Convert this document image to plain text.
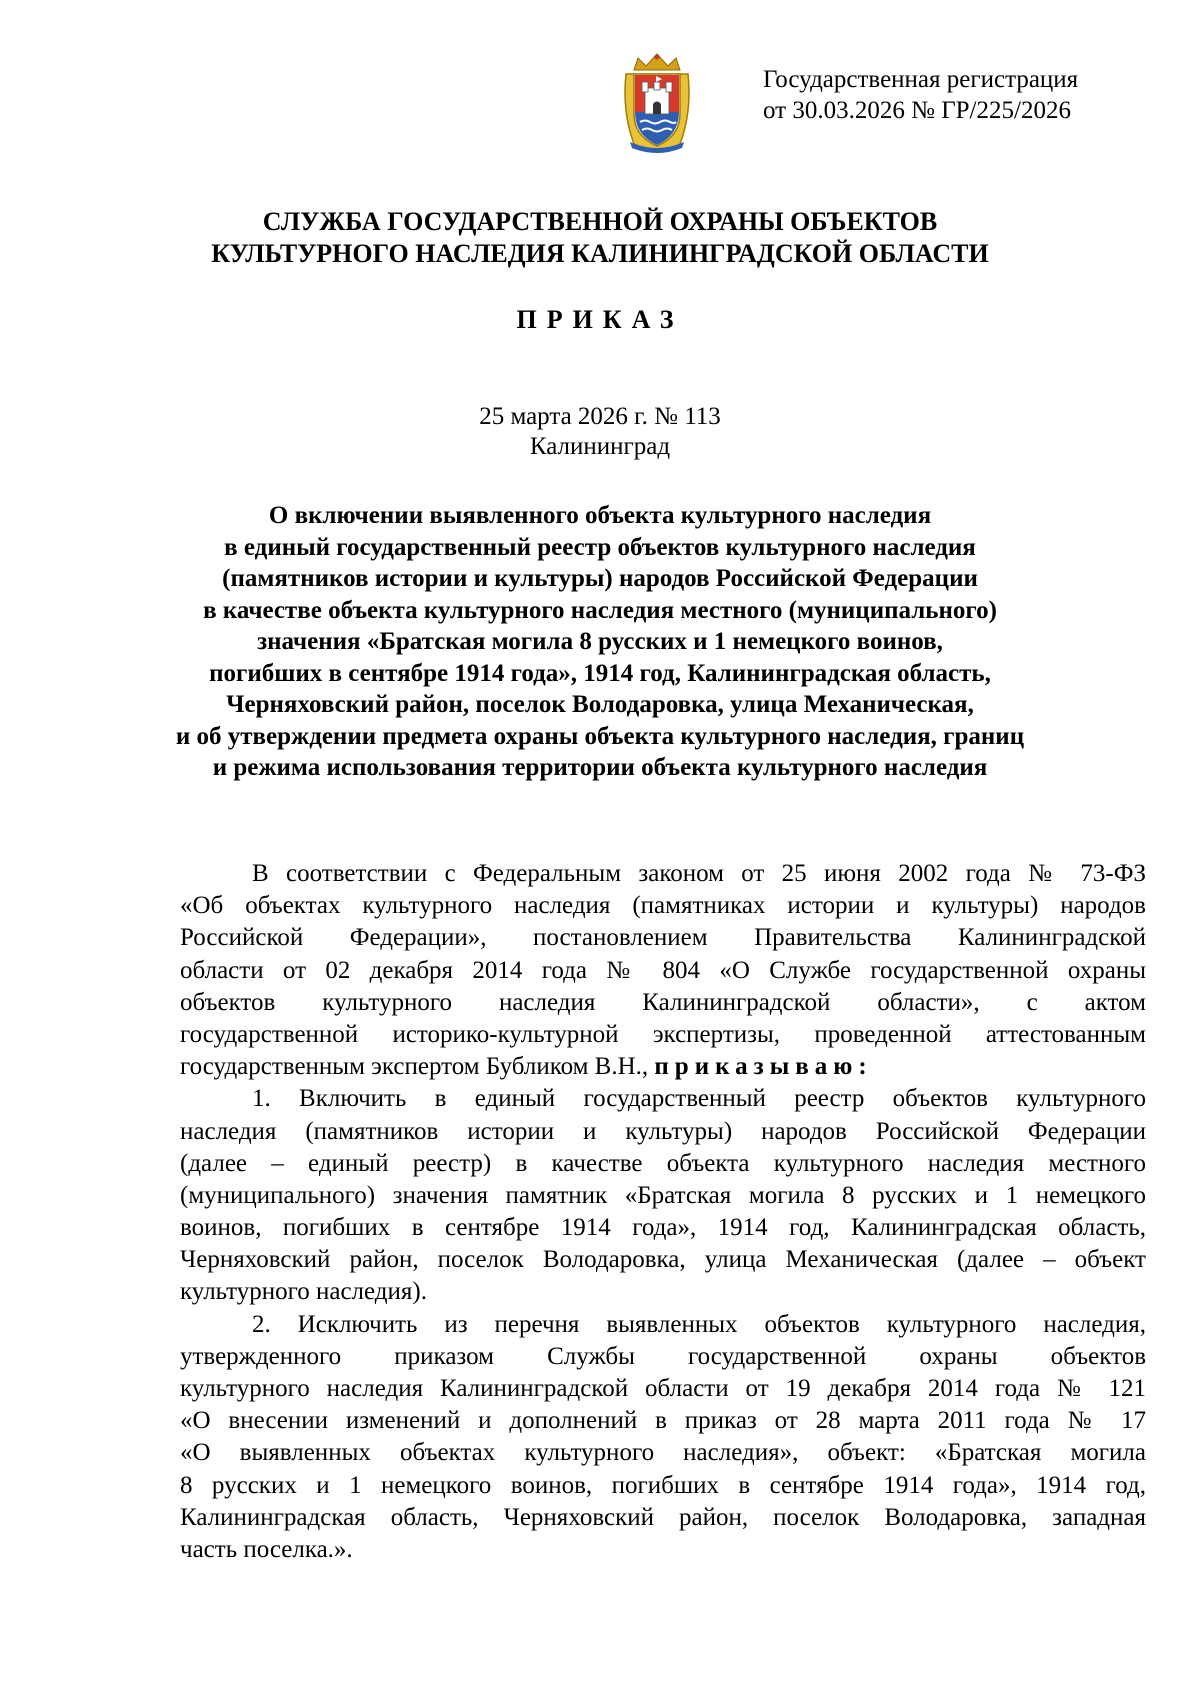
Государственная регистрация
от 30.03.2026 № ГР/225/2026
СЛУЖБА ГОСУДАРСТВЕННОЙ ОХРАНЫ ОБЪЕКТОВ
КУЛЬТУРНОГО НАСЛЕДИЯ КАЛИНИНГРАДСКОЙ ОБЛАСТИ
ПРИКАЗ
25 марта 2026 г. № 113
Калининград
О включении выявленного объекта культурного наследия
в единый государственный реестр объектов культурного наследия
(памятников истории и культуры) народов Российской Федерации
в качестве объекта культурного наследия местного (муниципального)
значения «Братская могила 8 русских и 1 немецкого воинов,
погибших в сентябре 1914 года», 1914 год, Калининградская область,
Черняховский район, поселок Володаровка, улица Механическая,
и об утверждении предмета охраны объекта культурного наследия, границ
и режима использования территории объекта культурного наследия
В соответствии с Федеральным законом от 25 июня 2002 года № 73-ФЗ
«Об объектах культурного наследия (памятниках истории и культуры) народов
Российской Федерации», постановлением Правительства Калининградской
области от 02 декабря 2014 года № 804 «О Службе государственной охраны
объектов культурного наследия Калининградской области», с актом
государственной историко-культурной экспертизы, проведенной аттестованным
государственным экспертом Бубликом В.Н., приказываю:
1. Включить в единый государственный реестр объектов культурного
наследия (памятников истории и культуры) народов Российской Федерации
(далее – единый реестр) в качестве объекта культурного наследия местного
(муниципального) значения памятник «Братская могила 8 русских и 1 немецкого
воинов, погибших в сентябре 1914 года», 1914 год, Калининградская область,
Черняховский район, поселок Володаровка, улица Механическая (далее – объект
культурного наследия).
2. Исключить из перечня выявленных объектов культурного наследия,
утвержденного приказом Службы государственной охраны объектов
культурного наследия Калининградской области от 19 декабря 2014 года № 121
«О внесении изменений и дополнений в приказ от 28 марта 2011 года № 17
«О выявленных объектах культурного наследия», объект: «Братская могила
8 русских и 1 немецкого воинов, погибших в сентябре 1914 года», 1914 год,
Калининградская область, Черняховский район, поселок Володаровка, западная
часть поселка.».
